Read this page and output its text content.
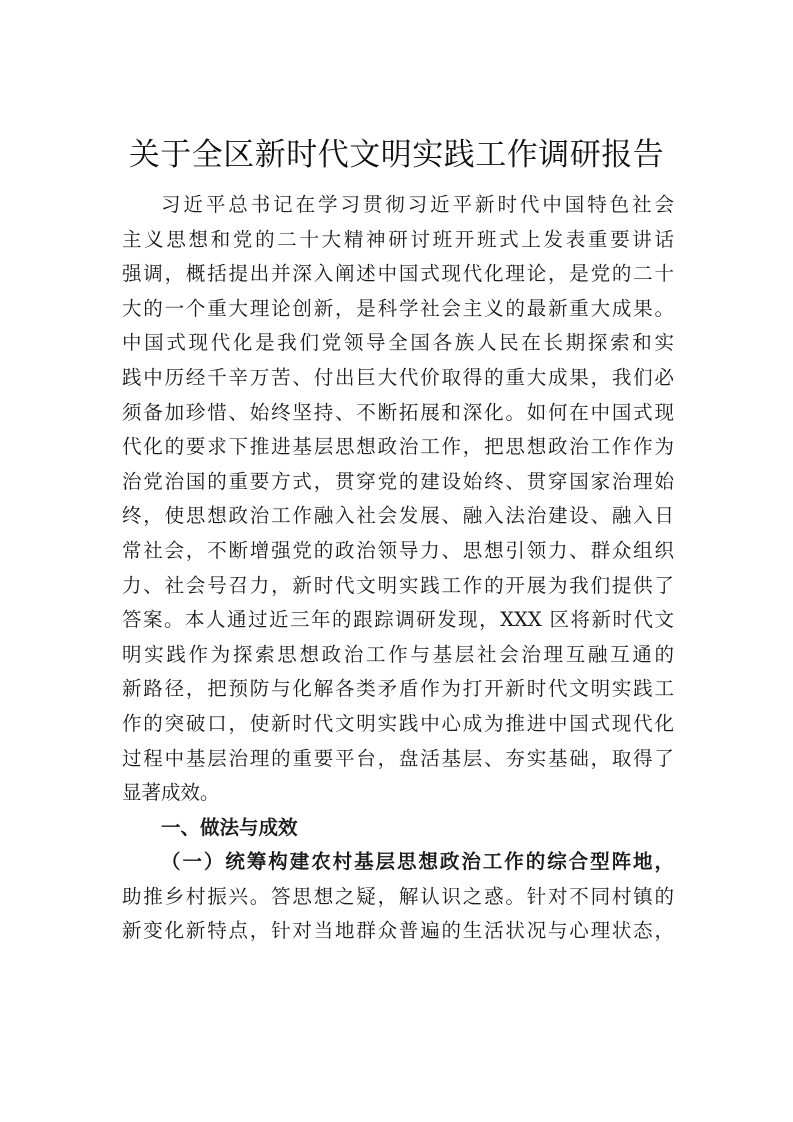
关于全区新时代文明实践工作调研报告
习近平总书记在学习贯彻习近平新时代中国特色社会
主义思想和党的二十大精神研讨班开班式上发表重要讲话
强调，概括提出并深入阐述中国式现代化理论，是党的二十
大的一个重大理论创新，是科学社会主义的最新重大成果。
中国式现代化是我们党领导全国各族人民在长期探索和实
践中历经千辛万苦、付出巨大代价取得的重大成果，我们必
须备加珍惜、始终坚持、不断拓展和深化。如何在中国式现
代化的要求下推进基层思想政治工作，把思想政治工作作为
治党治国的重要方式，贯穿党的建设始终、贯穿国家治理始
终，使思想政治工作融入社会发展、融入法治建设、融入日
常社会，不断增强党的政治领导力、思想引领力、群众组织
力、社会号召力，新时代文明实践工作的开展为我们提供了
答案。本人通过近三年的跟踪调研发现，XXX 区将新时代文
明实践作为探索思想政治工作与基层社会治理互融互通的
新路径，把预防与化解各类矛盾作为打开新时代文明实践工
作的突破口，使新时代文明实践中心成为推进中国式现代化
过程中基层治理的重要平台，盘活基层、夯实基础，取得了
显著成效。
一、做法与成效
（一）统筹构建农村基层思想政治工作的综合型阵地，
助推乡村振兴。答思想之疑，解认识之惑。针对不同村镇的
新变化新特点，针对当地群众普遍的生活状况与心理状态，
